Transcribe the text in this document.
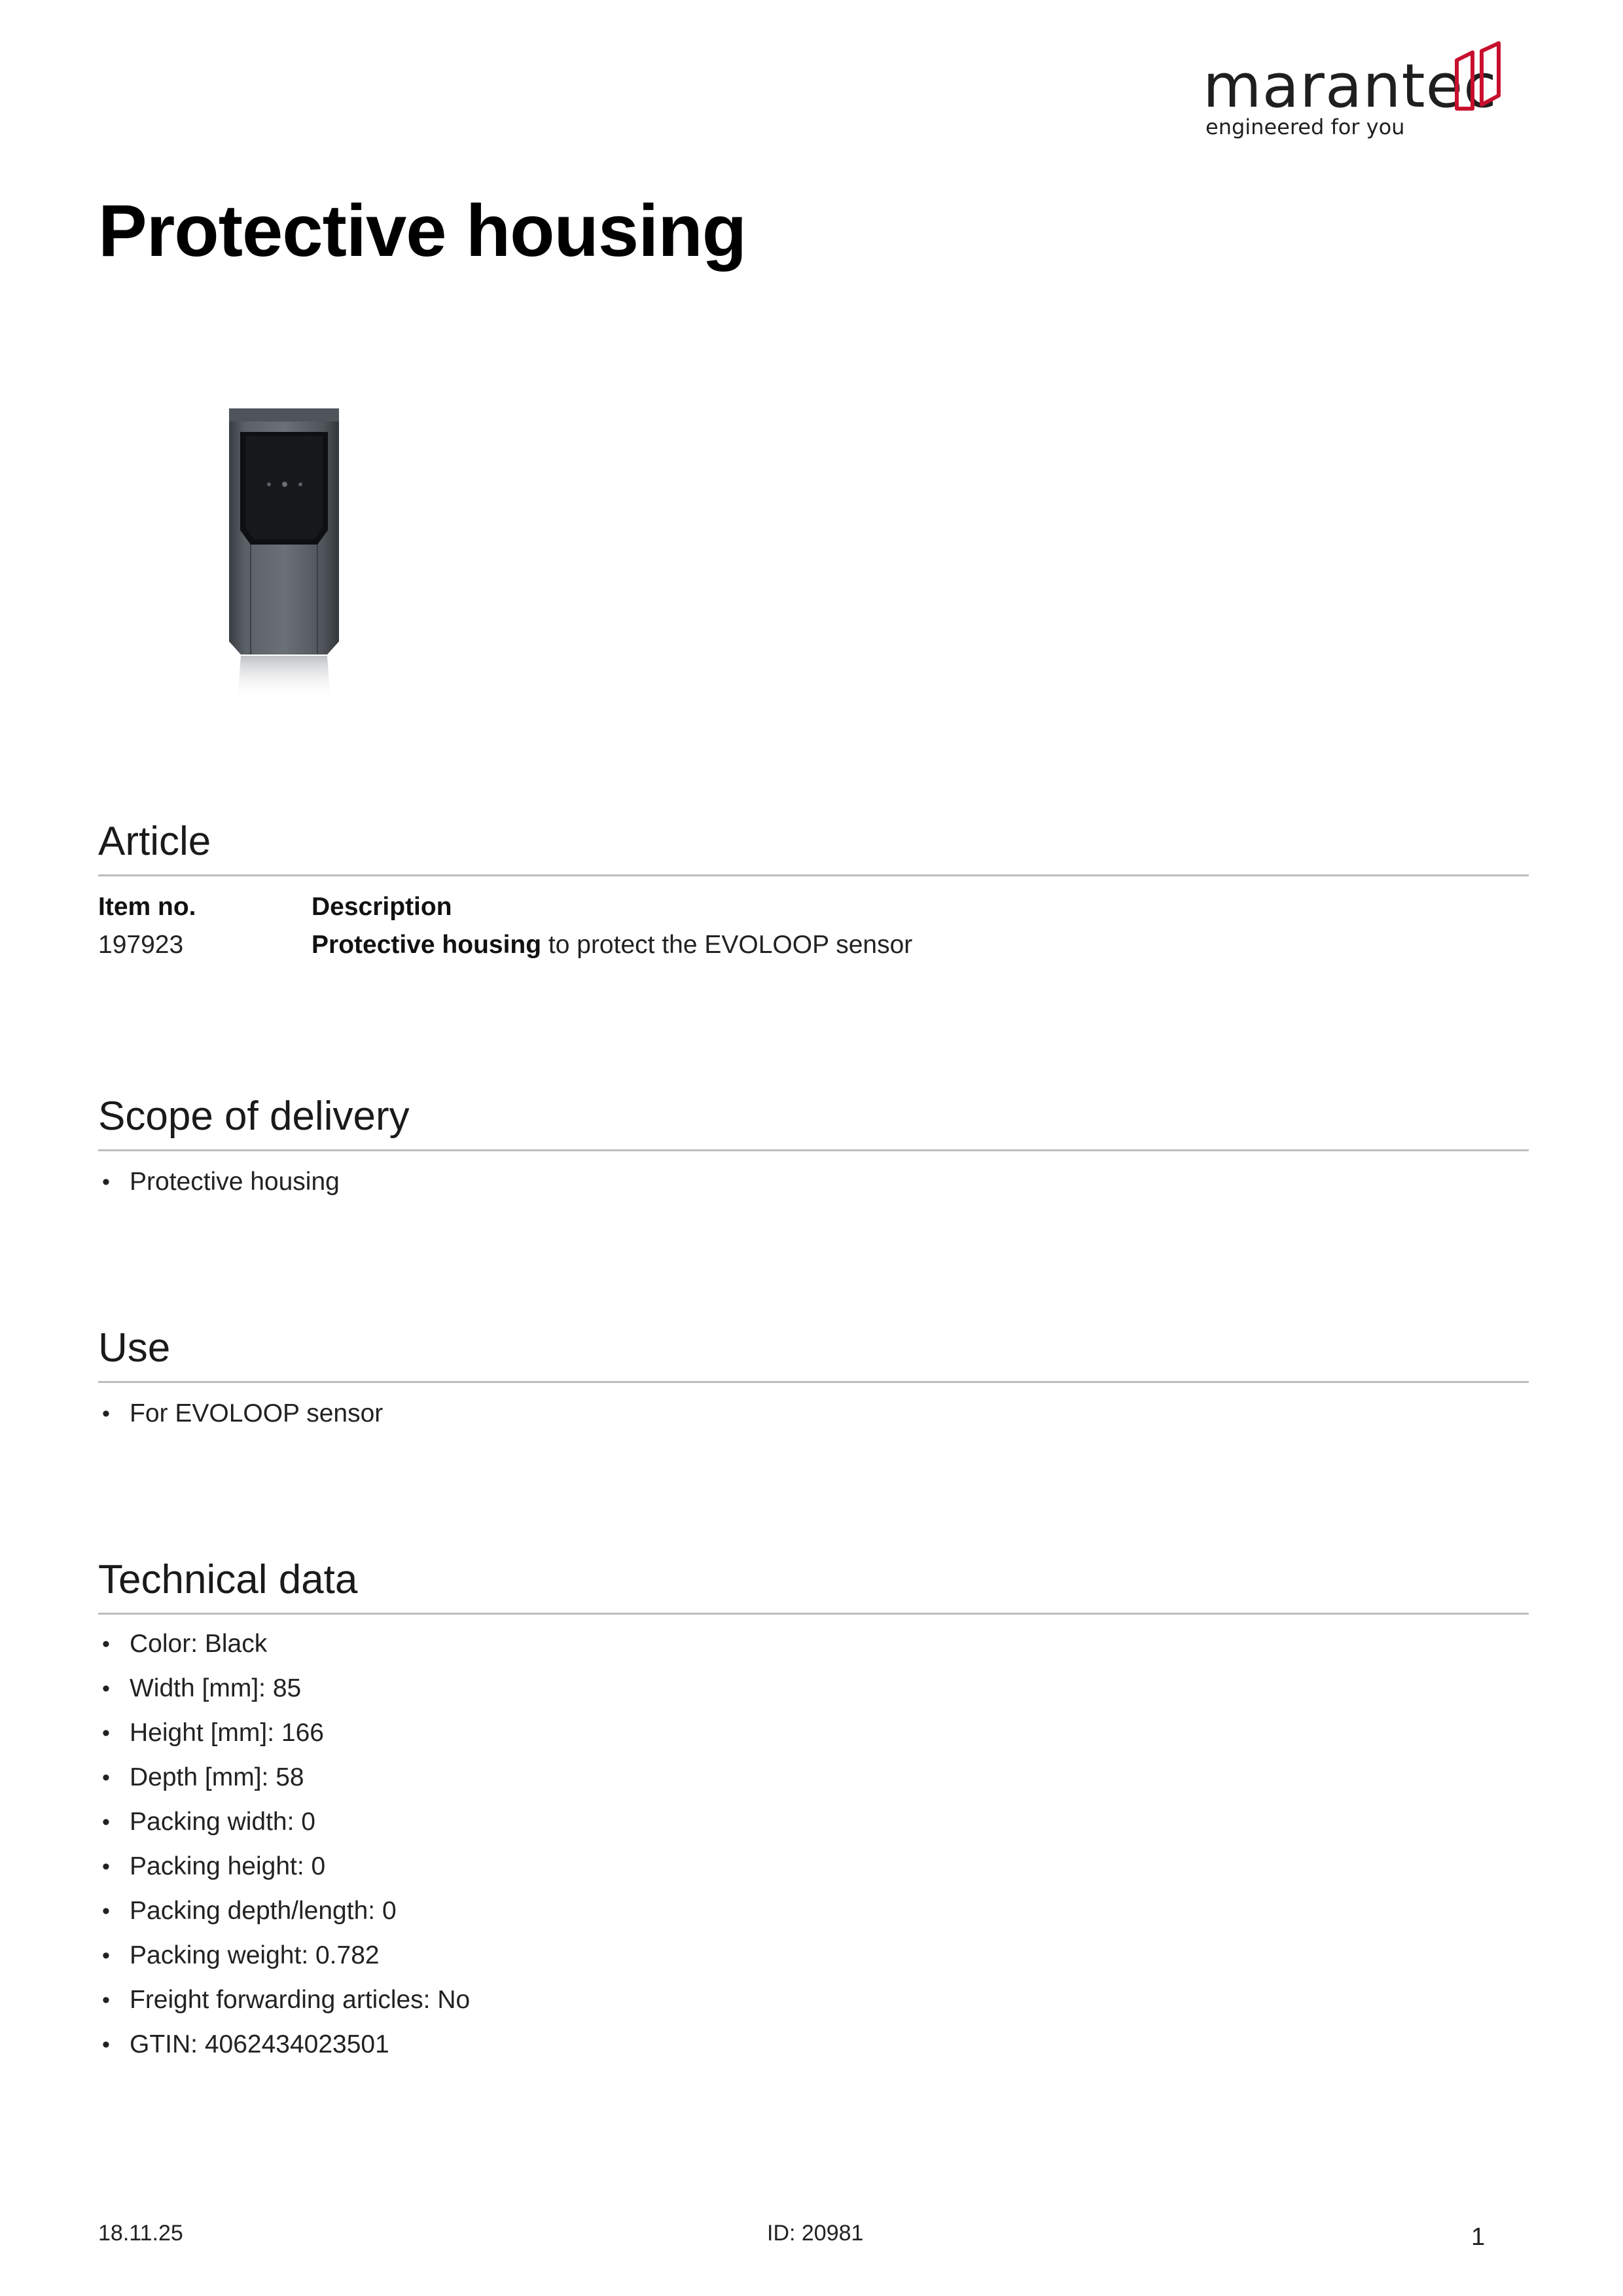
marantec
engineered for you
Protective housing
Article
Item no.	Description
197923	Protective housing to protect the EVOLOOP sensor
Scope of delivery
• Protective housing
Use
• For EVOLOOP sensor
Technical data
• Color: Black
• Width [mm]: 85
• Height [mm]: 166
• Depth [mm]: 58
• Packing width: 0
• Packing height: 0
• Packing depth/length: 0
• Packing weight: 0.782
• Freight forwarding articles: No
• GTIN: 4062434023501
18.11.25	ID: 20981	1
